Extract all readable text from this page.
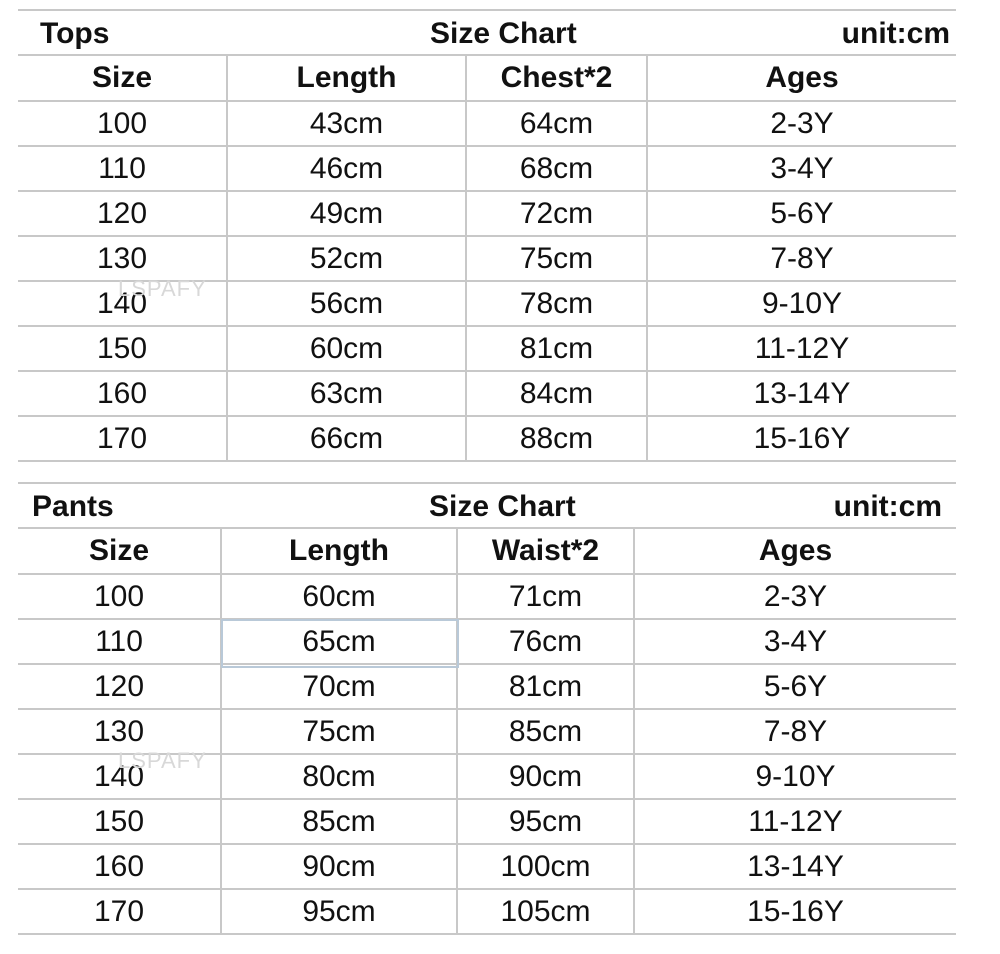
Tops	Size Chart	unit:cm
Size	Length	Chest*2	Ages
100	43cm	64cm	2-3Y
110	46cm	68cm	3-4Y
120	49cm	72cm	5-6Y
130	52cm	75cm	7-8Y
140	56cm	78cm	9-10Y
150	60cm	81cm	11-12Y
160	63cm	84cm	13-14Y
170	66cm	88cm	15-16Y
Pants	Size Chart	unit:cm
Size	Length	Waist*2	Ages
100	60cm	71cm	2-3Y
110	65cm	76cm	3-4Y
120	70cm	81cm	5-6Y
130	75cm	85cm	7-8Y
140	80cm	90cm	9-10Y
150	85cm	95cm	11-12Y
160	90cm	100cm	13-14Y
170	95cm	105cm	15-16Y
LSPAFY
LSPAFY
